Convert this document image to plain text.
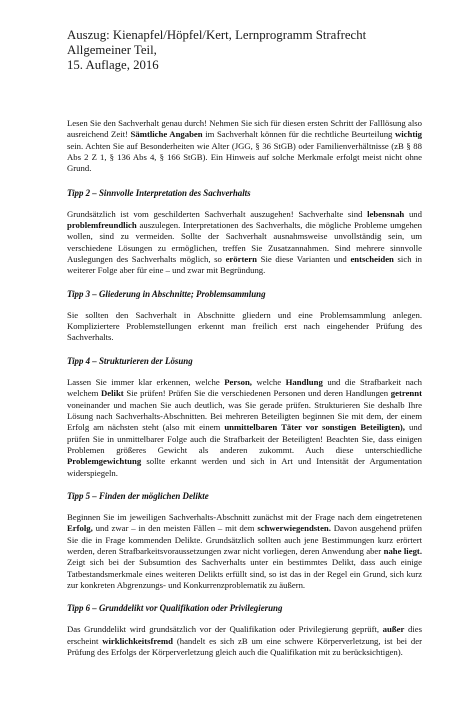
Auszug: Kienapfel/Höpfel/Kert, Lernprogramm Strafrecht Allgemeiner Teil,
15. Auflage, 2016

Lesen Sie den Sachverhalt genau durch! Nehmen Sie sich für diesen ersten Schritt der Falllösung also ausreichend Zeit! Sämtliche Angaben im Sachverhalt können für die rechtliche Beurteilung wichtig sein. Achten Sie auf Besonderheiten wie Alter (JGG, § 36 StGB) oder Familienverhältnisse (zB § 88 Abs 2 Z 1, § 136 Abs 4, § 166 StGB). Ein Hinweis auf solche Merkmale erfolgt meist nicht ohne Grund.

Tipp 2 – Sinnvolle Interpretation des Sachverhalts

Grundsätzlich ist vom geschilderten Sachverhalt auszugehen! Sachverhalte sind lebensnah und problemfreundlich auszulegen. Interpretationen des Sachverhalts, die mögliche Probleme umgehen wollen, sind zu vermeiden. Sollte der Sachverhalt ausnahmsweise unvollständig sein, um verschiedene Lösungen zu ermöglichen, treffen Sie Zusatzannahmen. Sind mehrere sinnvolle Auslegungen des Sachverhalts möglich, so erörtern Sie diese Varianten und entscheiden sich in weiterer Folge aber für eine – und zwar mit Begründung.

Tipp 3 – Gliederung in Abschnitte; Problemsammlung

Sie sollten den Sachverhalt in Abschnitte gliedern und eine Problemsammlung anlegen. Kompliziertere Problemstellungen erkennt man freilich erst nach eingehender Prüfung des Sachverhalts.

Tipp 4 – Strukturieren der Lösung

Lassen Sie immer klar erkennen, welche Person, welche Handlung und die Strafbarkeit nach welchem Delikt Sie prüfen! Prüfen Sie die verschiedenen Personen und deren Handlungen getrennt voneinander und machen Sie auch deutlich, was Sie gerade prüfen. Strukturieren Sie deshalb Ihre Lösung nach Sachverhalts-Abschnitten. Bei mehreren Beteiligten beginnen Sie mit dem, der einem Erfolg am nächsten steht (also mit einem unmittelbaren Täter vor sonstigen Beteiligten), und prüfen Sie in unmittelbarer Folge auch die Strafbarkeit der Beteiligten! Beachten Sie, dass einigen Problemen größeres Gewicht als anderen zukommt. Auch diese unterschiedliche Problemgewichtung sollte erkannt werden und sich in Art und Intensität der Argumentation widerspiegeln.

Tipp 5 – Finden der möglichen Delikte

Beginnen Sie im jeweiligen Sachverhalts-Abschnitt zunächst mit der Frage nach dem eingetretenen Erfolg, und zwar – in den meisten Fällen – mit dem schwerwiegendsten. Davon ausgehend prüfen Sie die in Frage kommenden Delikte. Grundsätzlich sollten auch jene Bestimmungen kurz erörtert werden, deren Strafbarkeitsvoraussetzungen zwar nicht vorliegen, deren Anwendung aber nahe liegt. Zeigt sich bei der Subsumtion des Sachverhalts unter ein bestimmtes Delikt, dass auch einige Tatbestandsmerkmale eines weiteren Delikts erfüllt sind, so ist das in der Regel ein Grund, sich kurz zur konkreten Abgrenzungs- und Konkurrenzproblematik zu äußern.

Tipp 6 – Grunddelikt vor Qualifikation oder Privilegierung

Das Grunddelikt wird grundsätzlich vor der Qualifikation oder Privilegierung geprüft, außer dies erscheint wirklichkeitsfremd (handelt es sich zB um eine schwere Körperverletzung, ist bei der Prüfung des Erfolgs der Körperverletzung gleich auch die Qualifikation mit zu berücksichtigen).
